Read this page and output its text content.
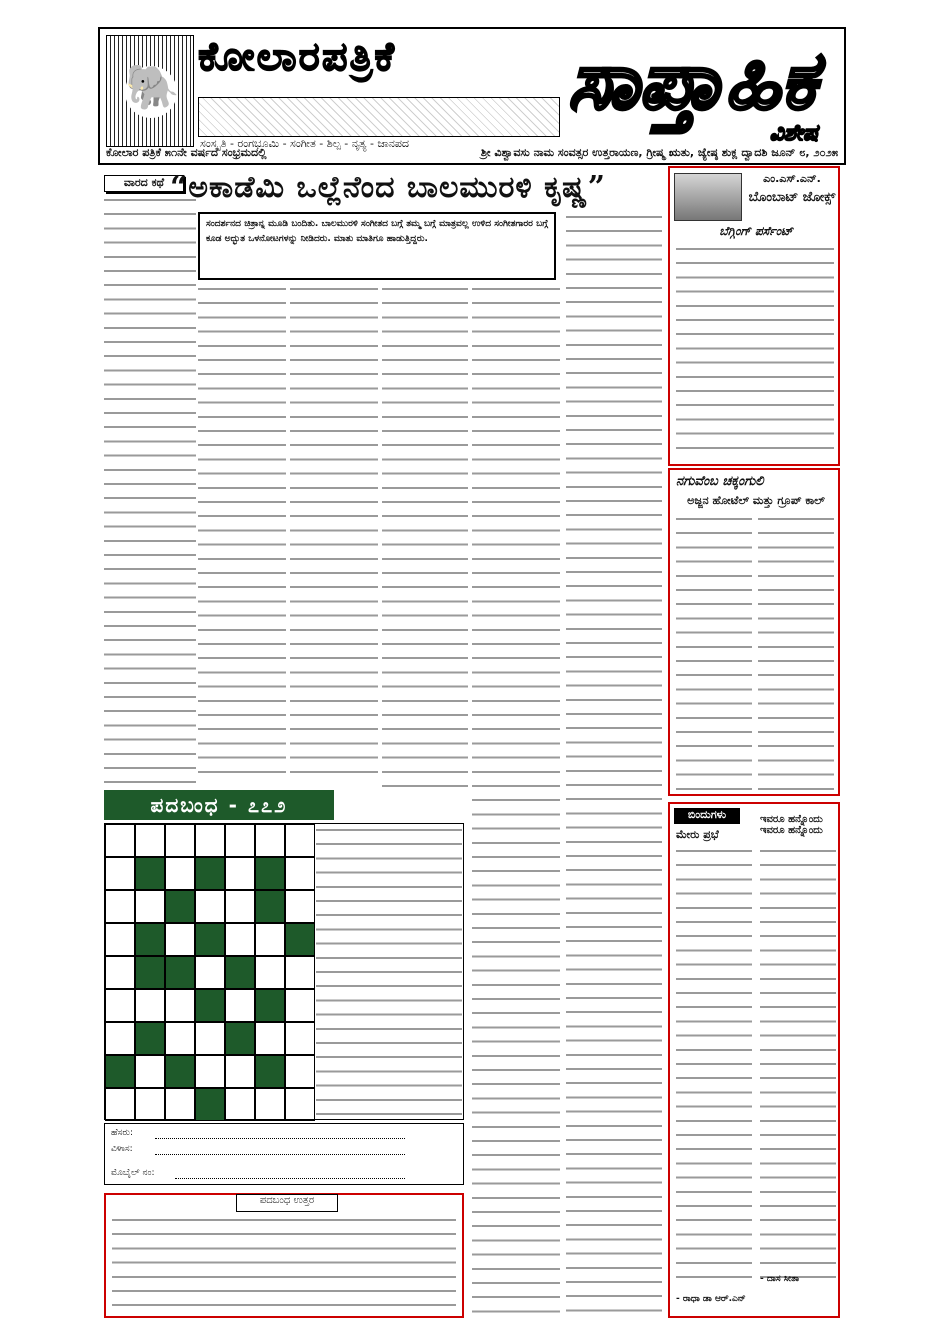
🐘
ಕೋಲಾರಪತ್ರಿಕೆ
ಸಂಸ್ಕೃತಿ - ರಂಗಭೂಮಿ - ಸಂಗೀತ - ಶಿಲ್ಪ - ನೃತ್ಯ - ಜಾನಪದ
ಸಾಪ್ತಾಹಿಕ
ವಿಶೇಷ
ಕೋಲಾರ ಪತ್ರಿಕೆ ೫೧ನೇ ವರ್ಷದ ಸಂಭ್ರಮದಲ್ಲಿ	ಶ್ರೀ ವಿಶ್ವಾವಸು ನಾಮ ಸಂವತ್ಸರ ಉತ್ತರಾಯಣ, ಗ್ರೀಷ್ಮ ಋತು, ಜ್ಯೇಷ್ಠ ಶುಕ್ಲ ದ್ವಾದಶಿ ಜೂನ್ ೮, ೨೦೨೫
ವಾರದ ಕಥೆ “ಅಕಾಡೆಮಿ ಒಲ್ಲೆನೆಂದ ಬಾಲಮುರಳಿ ಕೃಷ್ಣ”
ಸಂದರ್ಶನದ ಚಿತ್ರಾನ್ನ ಮೂಡಿ ಬಂದಿತು. ಬಾಲಮುರಳಿ ಸಂಗೀತದ ಬಗ್ಗೆ ತಮ್ಮ ಬಗ್ಗೆ ಮಾತ್ರವಲ್ಲ ಉಳಿದ ಸಂಗೀತಗಾರರ ಬಗ್ಗೆ ಕೂಡ ಅದ್ಭುತ ಒಳನೋಟಗಳನ್ನು ನೀಡಿದರು. ಮಾತು ಮಾತಿಗೂ ಹಾಡುತ್ತಿದ್ದರು.
ಎಂ.ಎಸ್.ಎನ್.
ಬೊಂಬಾಟ್ ಜೋಕ್ಸ್
ಬೆಗ್ಗಿಂಗ್ ಪರ್ಸೆಂಟ್
ನಗುವೆಂಬ ಚಕ್ಕಂಗುಲಿ
ಅಜ್ಜನ ಹೋಟೆಲ್ ಮತ್ತು ಗ್ರೂಪ್ ಕಾಲ್
ಬಿಂದುಗಳು
ಮೇರು ಪ್ರಭೆ
ಇವರೂ ಹನ್ನೊಂದು ಇವರೂ ಹನ್ನೊಂದು
- ರಾಧಾ ಡಾ ಆರ್.ಎನ್
- ದಾಸ ಸೀತಾ
ಪದಬಂಧ - ೭೭೨
ಹೆಸರು:
ವಿಳಾಸ:
ಮೊಬೈಲ್ ನಂ:
ಪದಬಂಧ ಉತ್ತರ
